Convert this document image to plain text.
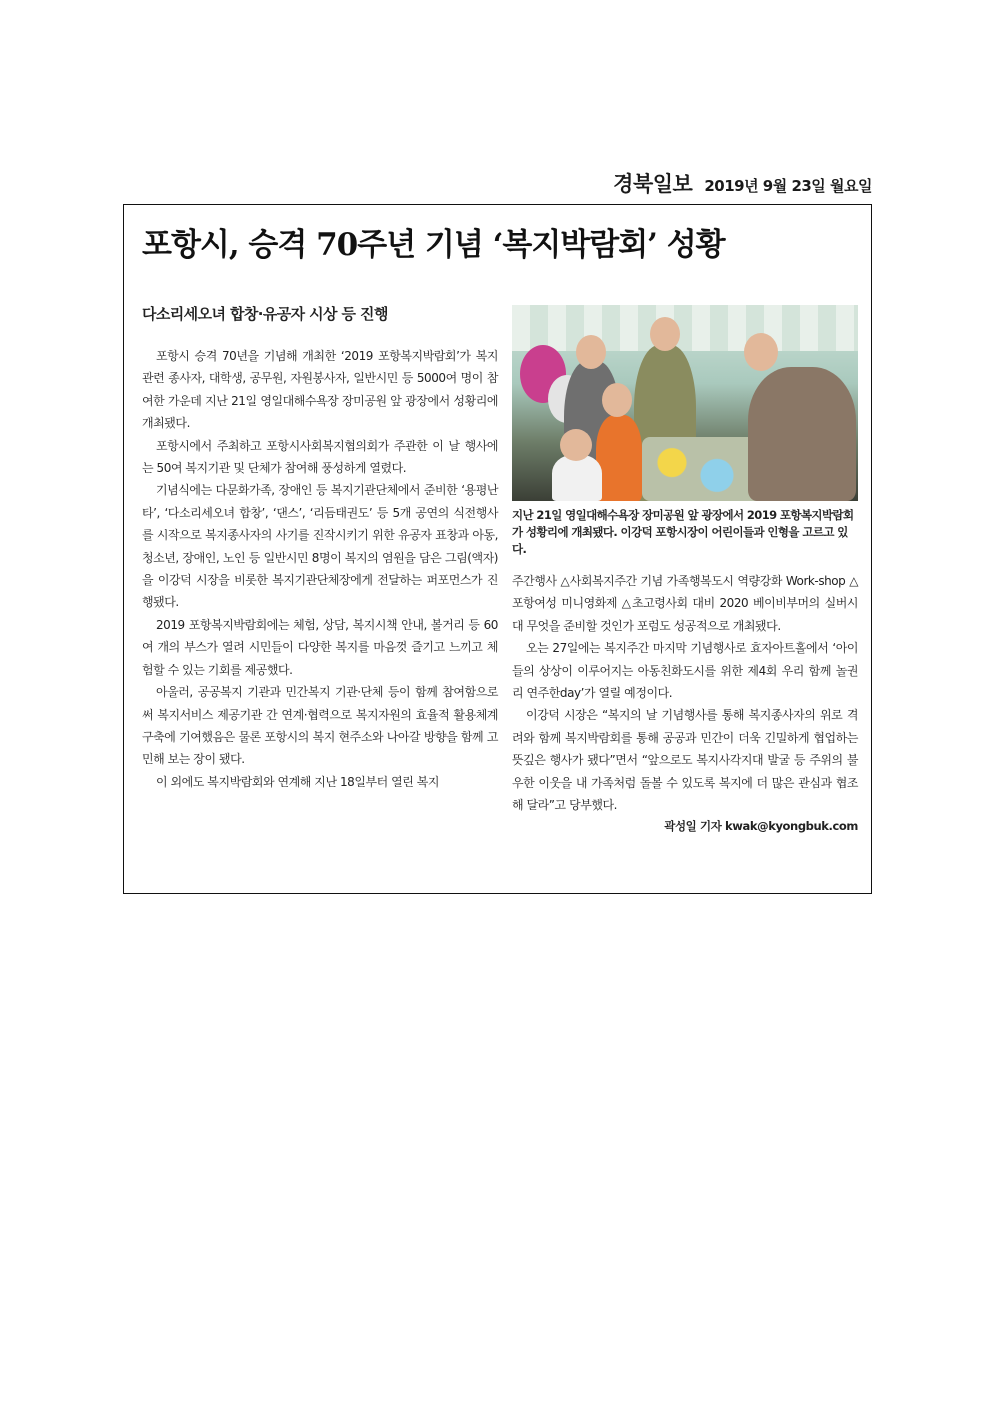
경북일보 2019년 9월 23일 월요일
포항시, 승격 70주년 기념 ‘복지박람회’ 성황
다소리세오녀 합창·유공자 시상 등 진행

포항시 승격 70년을 기념해 개최한 ‘2019 포항복지박람회’가 복지 관련 종사자, 대학생, 공무원, 자원봉사자, 일반시민 등 5000여 명이 참여한 가운데 지난 21일 영일대해수욕장 장미공원 앞 광장에서 성황리에 개최됐다.

포항시에서 주최하고 포항시사회복지협의회가 주관한 이 날 행사에는 50여 복지기관 및 단체가 참여해 풍성하게 열렸다.

기념식에는 다문화가족, 장애인 등 복지기관단체에서 준비한 ‘용평난타’, ‘다소리세오녀 합창’, ‘댄스’, ‘리듬태권도’ 등 5개 공연의 식전행사를 시작으로 복지종사자의 사기를 진작시키기 위한 유공자 표창과 아동, 청소년, 장애인, 노인 등 일반시민 8명이 복지의 염원을 담은 그림(액자)을 이강덕 시장을 비롯한 복지기관단체장에게 전달하는 퍼포먼스가 진행됐다.

2019 포항복지박람회에는 체험, 상담, 복지시책 안내, 볼거리 등 60여 개의 부스가 열려 시민들이 다양한 복지를 마음껏 즐기고 느끼고 체험할 수 있는 기회를 제공했다.

아울러, 공공복지 기관과 민간복지 기관·단체 등이 함께 참여함으로써 복지서비스 제공기관 간 연계·협력으로 복지자원의 효율적 활용체계 구축에 기여했음은 물론 포항시의 복지 현주소와 나아갈 방향을 함께 고민해 보는 장이 됐다.

이 외에도 복지박람회와 연계해 지난 18일부터 열린 복지

지난 21일 영일대해수욕장 장미공원 앞 광장에서 2019 포항복지박람회가 성황리에 개최됐다. 이강덕 포항시장이 어린이들과 인형을 고르고 있다.

주간행사 △사회복지주간 기념 가족행복도시 역량강화 Work-shop △포항여성 미니영화제 △초고령사회 대비 2020 베이비부머의 실버시대 무엇을 준비할 것인가 포럼도 성공적으로 개최됐다.

오는 27일에는 복지주간 마지막 기념행사로 효자아트홀에서 ‘아이들의 상상이 이루어지는 아동친화도시를 위한 제4회 우리 함께 놀권리 연주한day’가 열릴 예정이다.

이강덕 시장은 “복지의 날 기념행사를 통해 복지종사자의 위로 격려와 함께 복지박람회를 통해 공공과 민간이 더욱 긴밀하게 협업하는 뜻깊은 행사가 됐다”면서 “앞으로도 복지사각지대 발굴 등 주위의 불우한 이웃을 내 가족처럼 돌볼 수 있도록 복지에 더 많은 관심과 협조해 달라”고 당부했다.

곽성일 기자 kwak@kyongbuk.com
